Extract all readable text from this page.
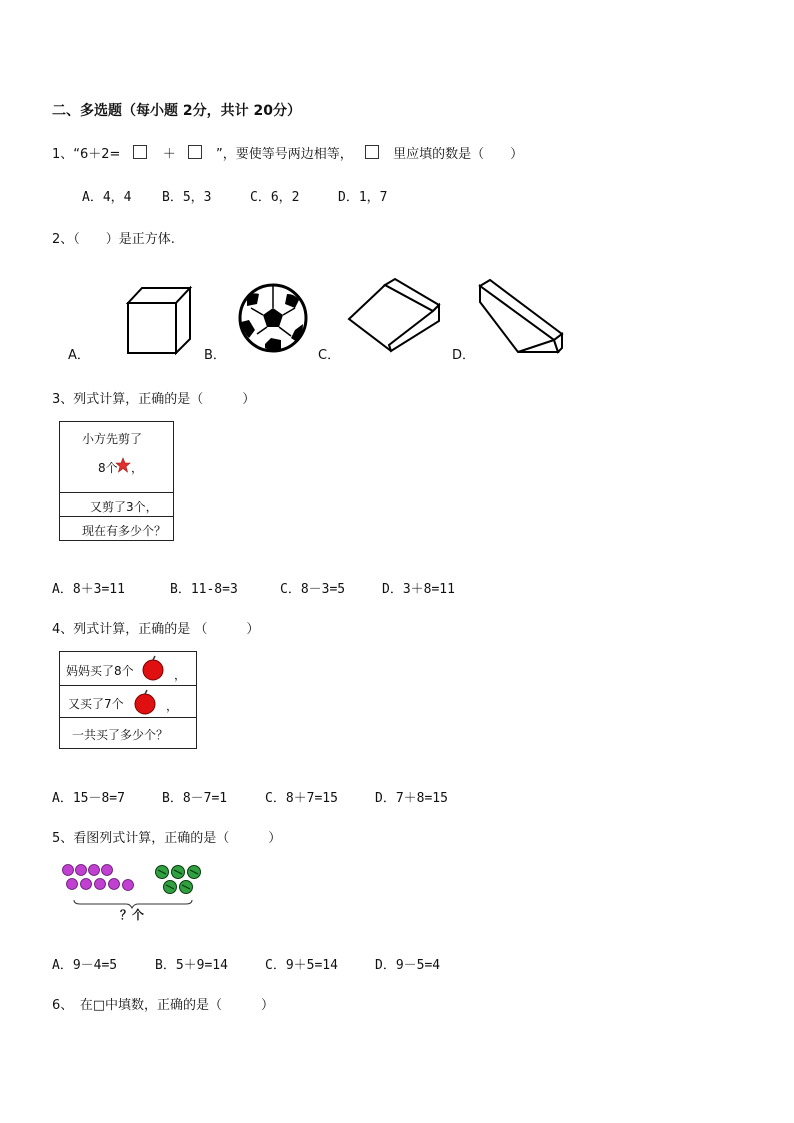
二、多选题（每小题 2分，共计 20分）
1、“6＋2=	＋	”，要使等号两边相等，	里应填的数是（　　）
A．4，4 B．5，3	C．6，2	D．1，7
2、（　　）是正方体.
A．	B．	C．	D．
3、列式计算，正确的是（　　　）
小方先剪了
8个 ，
又剪了3个，
现在有多少个？
A．8＋3=11	B．11-8=3	C．8－3=5	D．3＋8=11
4、列式计算，正确的是 （　　　）
妈妈买了8个	，
又买了7个	，
一共买了多少个？
A．15－8=7	B．8－7=1	C．8＋7=15	D．7＋8=15
5、看图列式计算，正确的是（　　　）
？个
A．9－4=5	B．5＋9=14	C．9＋5=14	D．9－5=4
6、　在□中填数，正确的是（　　　）
